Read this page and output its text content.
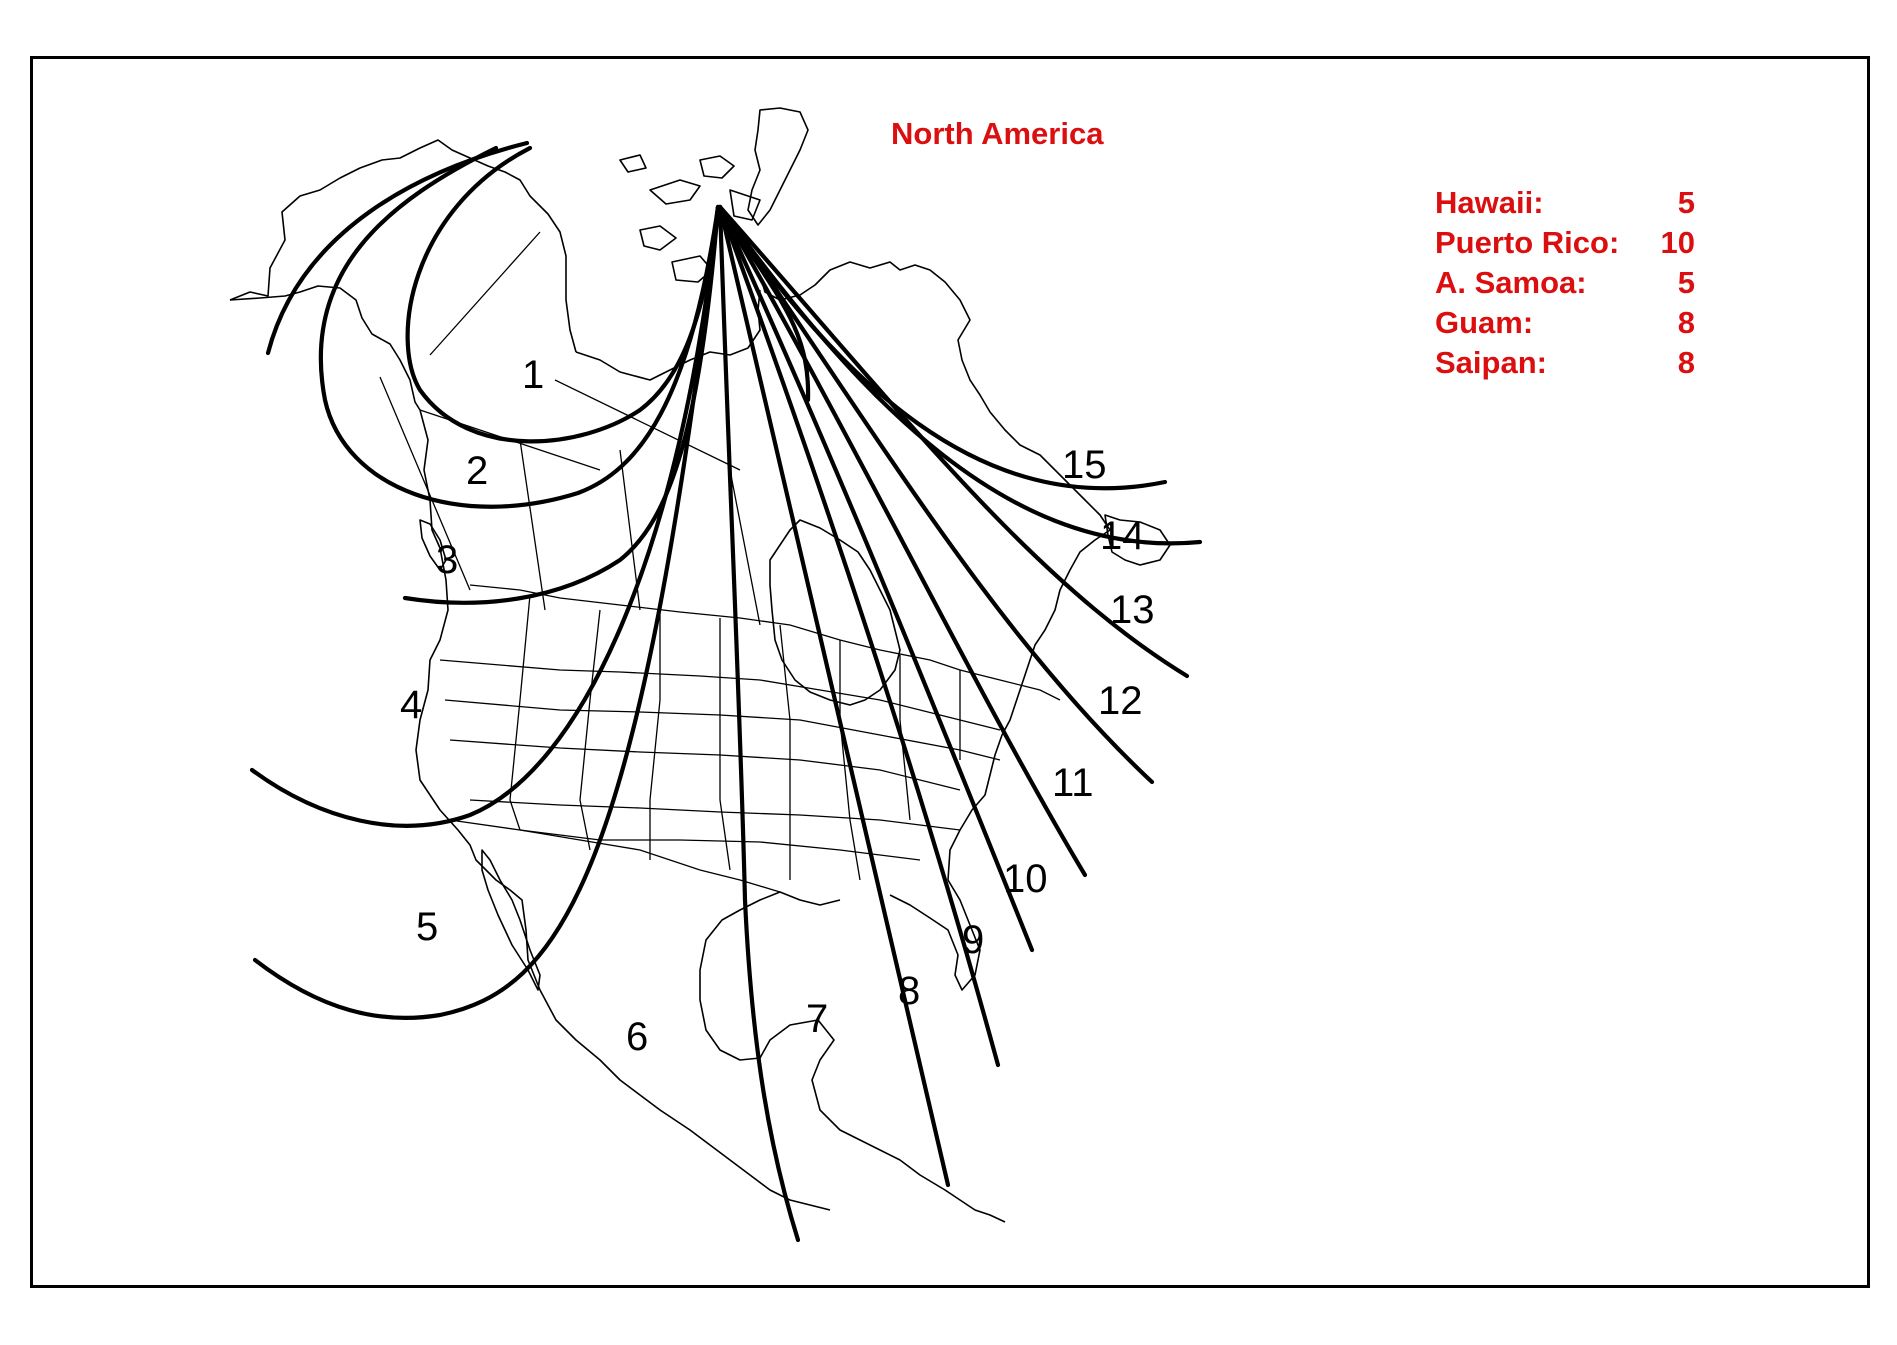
1
2
3
4
5
6	7
8
9
10
11
12
13
14
15
North America
Hawaii:	5
Puerto Rico: 10
A. Samoa:	5
Guam:	8
Saipan:	8
